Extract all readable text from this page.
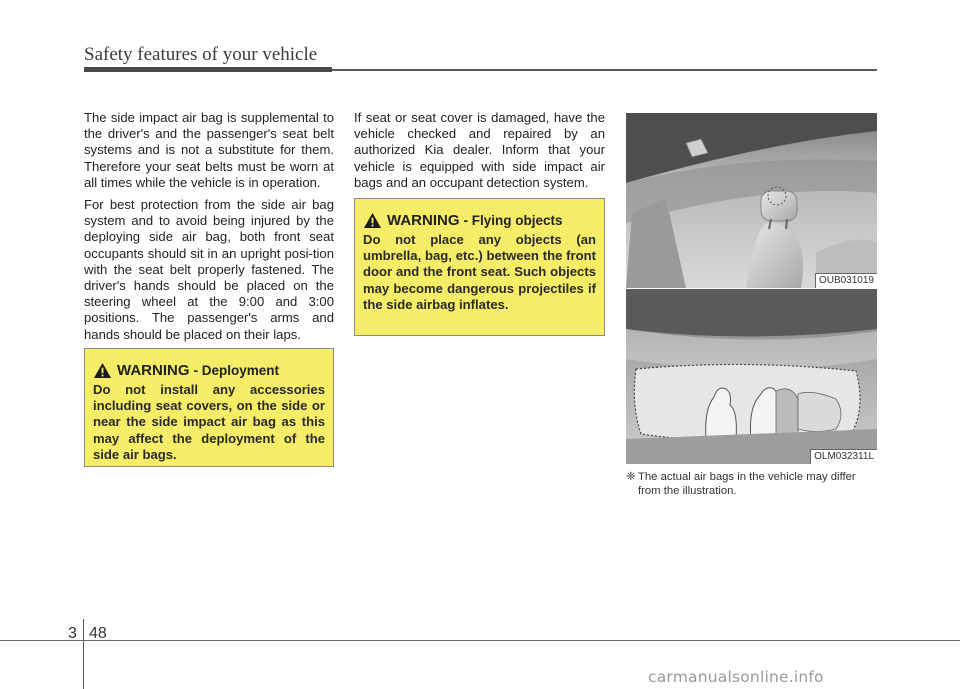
Safety features of your vehicle

The side impact air bag is supplemental to the driver's and the passenger's seat belt systems and is not a substitute for them. Therefore your seat belts must be worn at all times while the vehicle is in operation.

For best protection from the side air bag system and to avoid being injured by the deploying side air bag, both front seat occupants should sit in an upright posi-tion with the seat belt properly fastened. The driver's hands should be placed on the steering wheel at the 9:00 and 3:00 positions. The passenger's arms and hands should be placed on their laps.

WARNING - Deployment
Do not install any accessories including seat covers, on the side or near the side impact air bag as this may affect the deployment of the side air bags.

If seat or seat cover is damaged, have the vehicle checked and repaired by an authorized Kia dealer. Inform that your vehicle is equipped with side impact air bags and an occupant detection system.

WARNING - Flying objects
Do not place any objects (an umbrella, bag, etc.) between the front door and the front seat. Such objects may become dangerous projectiles if the side airbag inflates.
OUB031019
OLM032311L
❈ The actual air bags in the vehicle may differ
from the illustration.
3 48
carmanualsonline.info
